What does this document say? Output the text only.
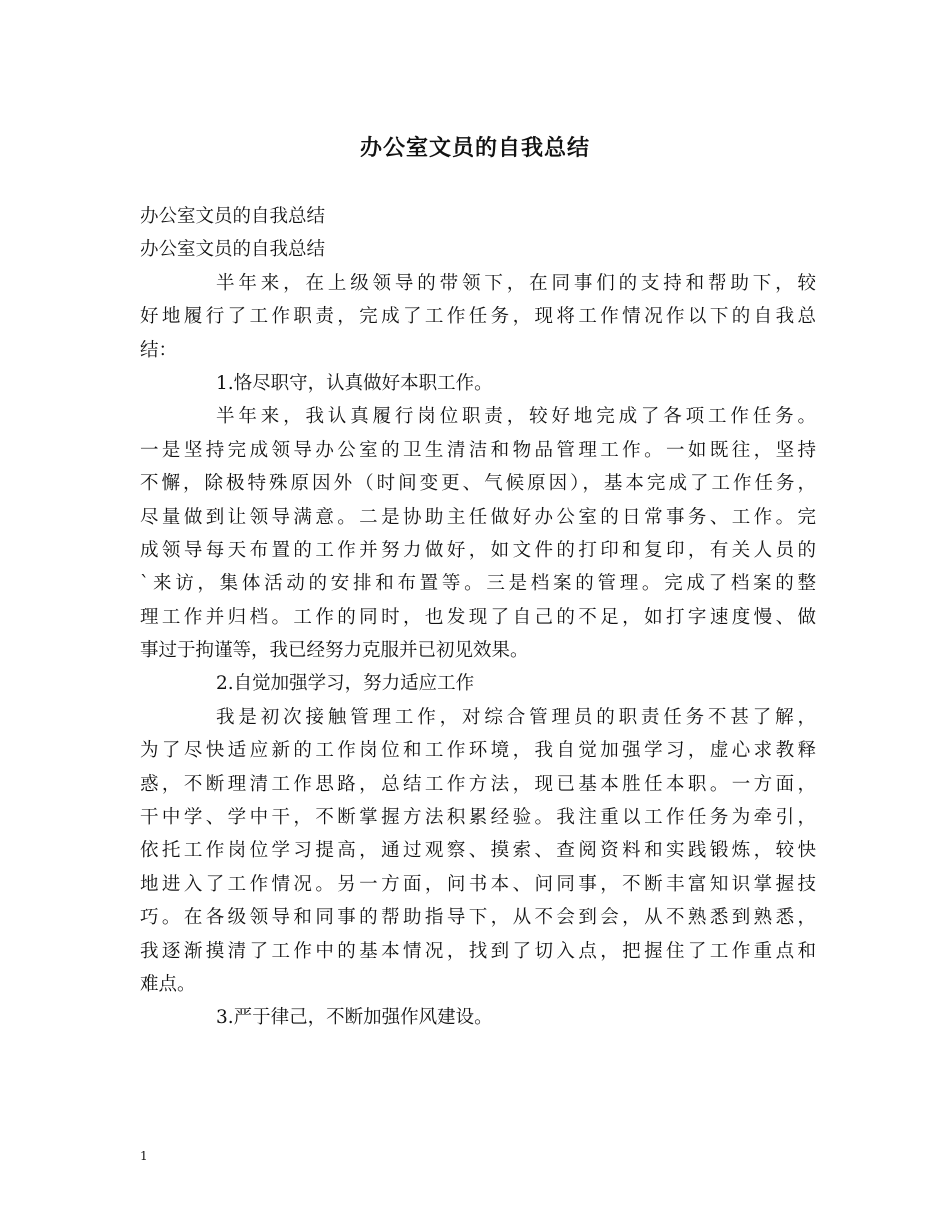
办公室文员的自我总结
办公室文员的自我总结
办公室文员的自我总结
半年来，在上级领导的带领下，在同事们的支持和帮助下，较
好地履行了工作职责，完成了工作任务，现将工作情况作以下的自我总
结：
1.恪尽职守，认真做好本职工作。
半年来，我认真履行岗位职责，较好地完成了各项工作任务。
一是坚持完成领导办公室的卫生清洁和物品管理工作。一如既往，坚持
不懈，除极特殊原因外（时间变更、气候原因），基本完成了工作任务，
尽量做到让领导满意。二是协助主任做好办公室的日常事务、工作。完
成领导每天布置的工作并努力做好，如文件的打印和复印，有关人员的
`来访，集体活动的安排和布置等。三是档案的管理。完成了档案的整
理工作并归档。工作的同时，也发现了自己的不足，如打字速度慢、做
事过于拘谨等，我已经努力克服并已初见效果。
2.自觉加强学习，努力适应工作
我是初次接触管理工作，对综合管理员的职责任务不甚了解，
为了尽快适应新的工作岗位和工作环境，我自觉加强学习，虚心求教释
惑，不断理清工作思路，总结工作方法，现已基本胜任本职。一方面，
干中学、学中干，不断掌握方法积累经验。我注重以工作任务为牵引，
依托工作岗位学习提高，通过观察、摸索、查阅资料和实践锻炼，较快
地进入了工作情况。另一方面，问书本、问同事，不断丰富知识掌握技
巧。在各级领导和同事的帮助指导下，从不会到会，从不熟悉到熟悉，
我逐渐摸清了工作中的基本情况，找到了切入点，把握住了工作重点和
难点。
3.严于律己，不断加强作风建设。
1
